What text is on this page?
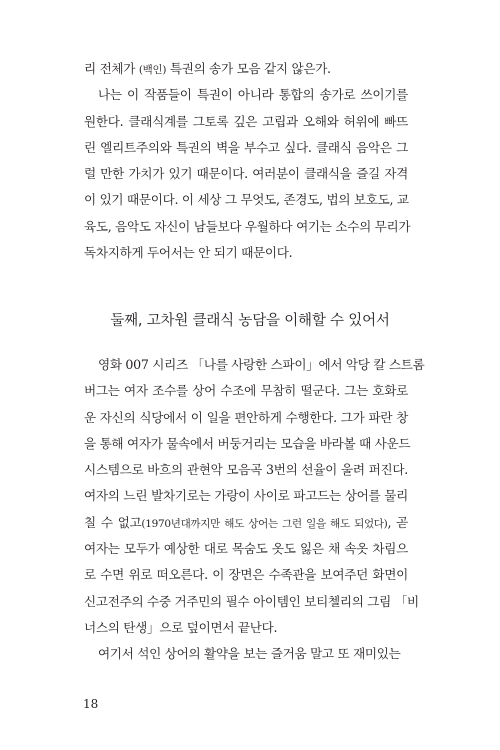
리 전체가 (백인) 특권의 송가 모음 같지 않은가.
나는 이 작품들이 특권이 아니라 통합의 송가로 쓰이기를
원한다. 클래식계를 그토록 깊은 고립과 오해와 허위에 빠뜨
린 엘리트주의와 특권의 벽을 부수고 싶다. 클래식 음악은 그
럴 만한 가치가 있기 때문이다. 여러분이 클래식을 즐길 자격
이 있기 때문이다. 이 세상 그 무엇도, 존경도, 법의 보호도, 교
육도, 음악도 자신이 남들보다 우월하다 여기는 소수의 무리가
독차지하게 두어서는 안 되기 때문이다.
둘째, 고차원 클래식 농담을 이해할 수 있어서
영화 007 시리즈 「나를 사랑한 스파이」에서 악당 칼 스트롬
버그는 여자 조수를 상어 수조에 무참히 떨군다. 그는 호화로
운 자신의 식당에서 이 일을 편안하게 수행한다. 그가 파란 창
을 통해 여자가 물속에서 버둥거리는 모습을 바라볼 때 사운드
시스템으로 바흐의 관현악 모음곡 3번의 선율이 울려 퍼진다.
여자의 느린 발차기로는 가랑이 사이로 파고드는 상어를 물리
칠 수 없고(1970년대까지만 해도 상어는 그런 일을 해도 되었다), 곧
여자는 모두가 예상한 대로 목숨도 옷도 잃은 채 속옷 차림으
로 수면 위로 떠오른다. 이 장면은 수족관을 보여주던 화면이
신고전주의 수중 거주민의 필수 아이템인 보티첼리의 그림 「비
너스의 탄생」으로 덮이면서 끝난다.
여기서 석인 상어의 활약을 보는 즐거움 말고 또 재미있는
18
